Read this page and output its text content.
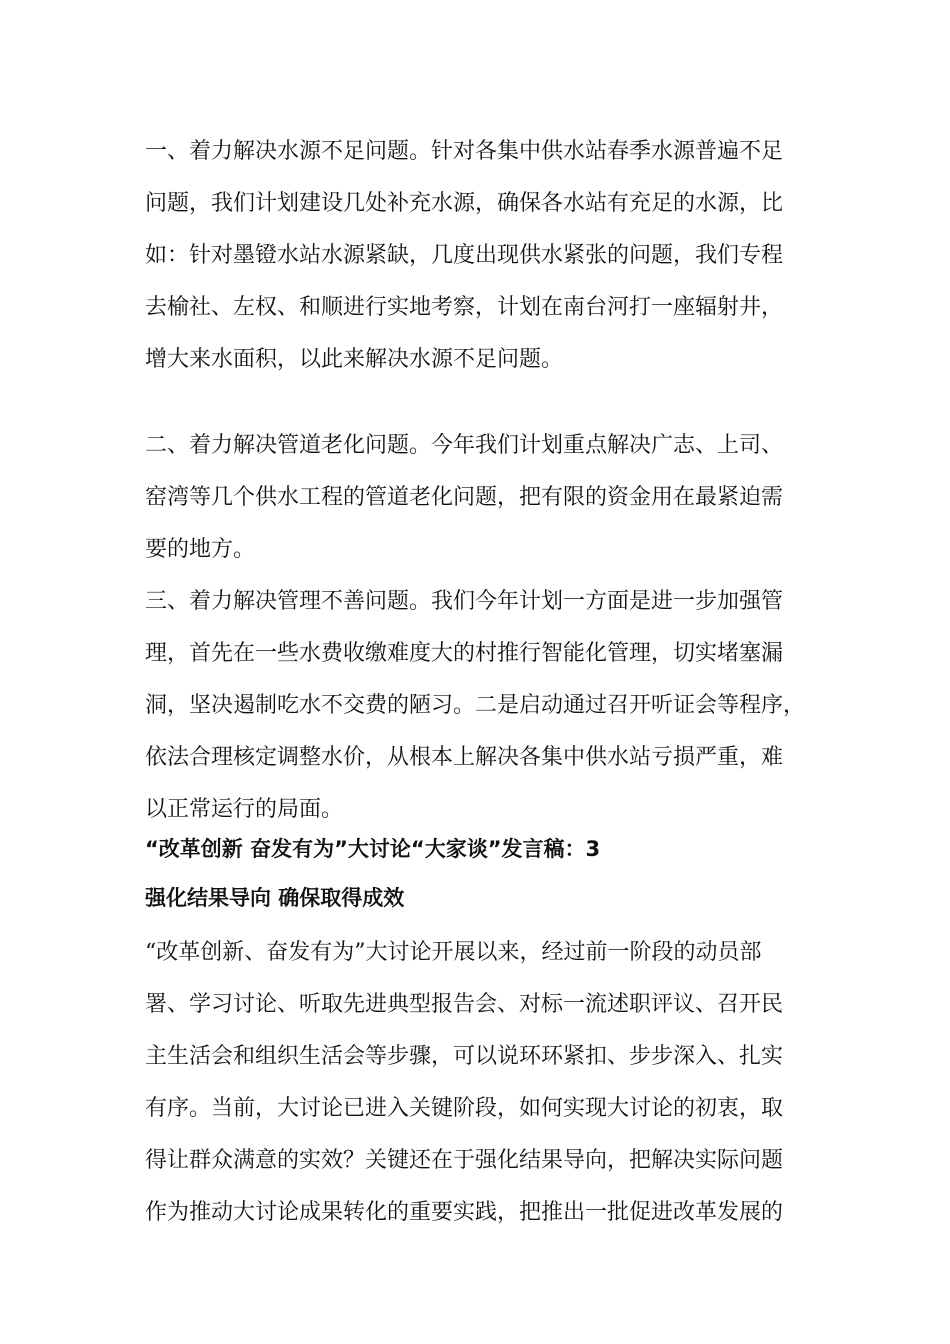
一、着力解决水源不足问题。针对各集中供水站春季水源普遍不足
问题，我们计划建设几处补充水源，确保各水站有充足的水源，比
如：针对墨镫水站水源紧缺，几度出现供水紧张的问题，我们专程
去榆社、左权、和顺进行实地考察，计划在南台河打一座辐射井，
增大来水面积，以此来解决水源不足问题。

二、着力解决管道老化问题。今年我们计划重点解决广志、上司、
窑湾等几个供水工程的管道老化问题，把有限的资金用在最紧迫需
要的地方。

三、着力解决管理不善问题。我们今年计划一方面是进一步加强管
理，首先在一些水费收缴难度大的村推行智能化管理，切实堵塞漏
洞，坚决遏制吃水不交费的陋习。二是启动通过召开听证会等程序，
依法合理核定调整水价，从根本上解决各集中供水站亏损严重，难
以正常运行的局面。

“改革创新 奋发有为”大讨论“大家谈”发言稿：3
强化结果导向 确保取得成效

“改革创新、奋发有为”大讨论开展以来，经过前一阶段的动员部
署、学习讨论、听取先进典型报告会、对标一流述职评议、召开民
主生活会和组织生活会等步骤，可以说环环紧扣、步步深入、扎实
有序。当前，大讨论已进入关键阶段，如何实现大讨论的初衷，取
得让群众满意的实效？关键还在于强化结果导向，把解决实际问题
作为推动大讨论成果转化的重要实践，把推出一批促进改革发展的
